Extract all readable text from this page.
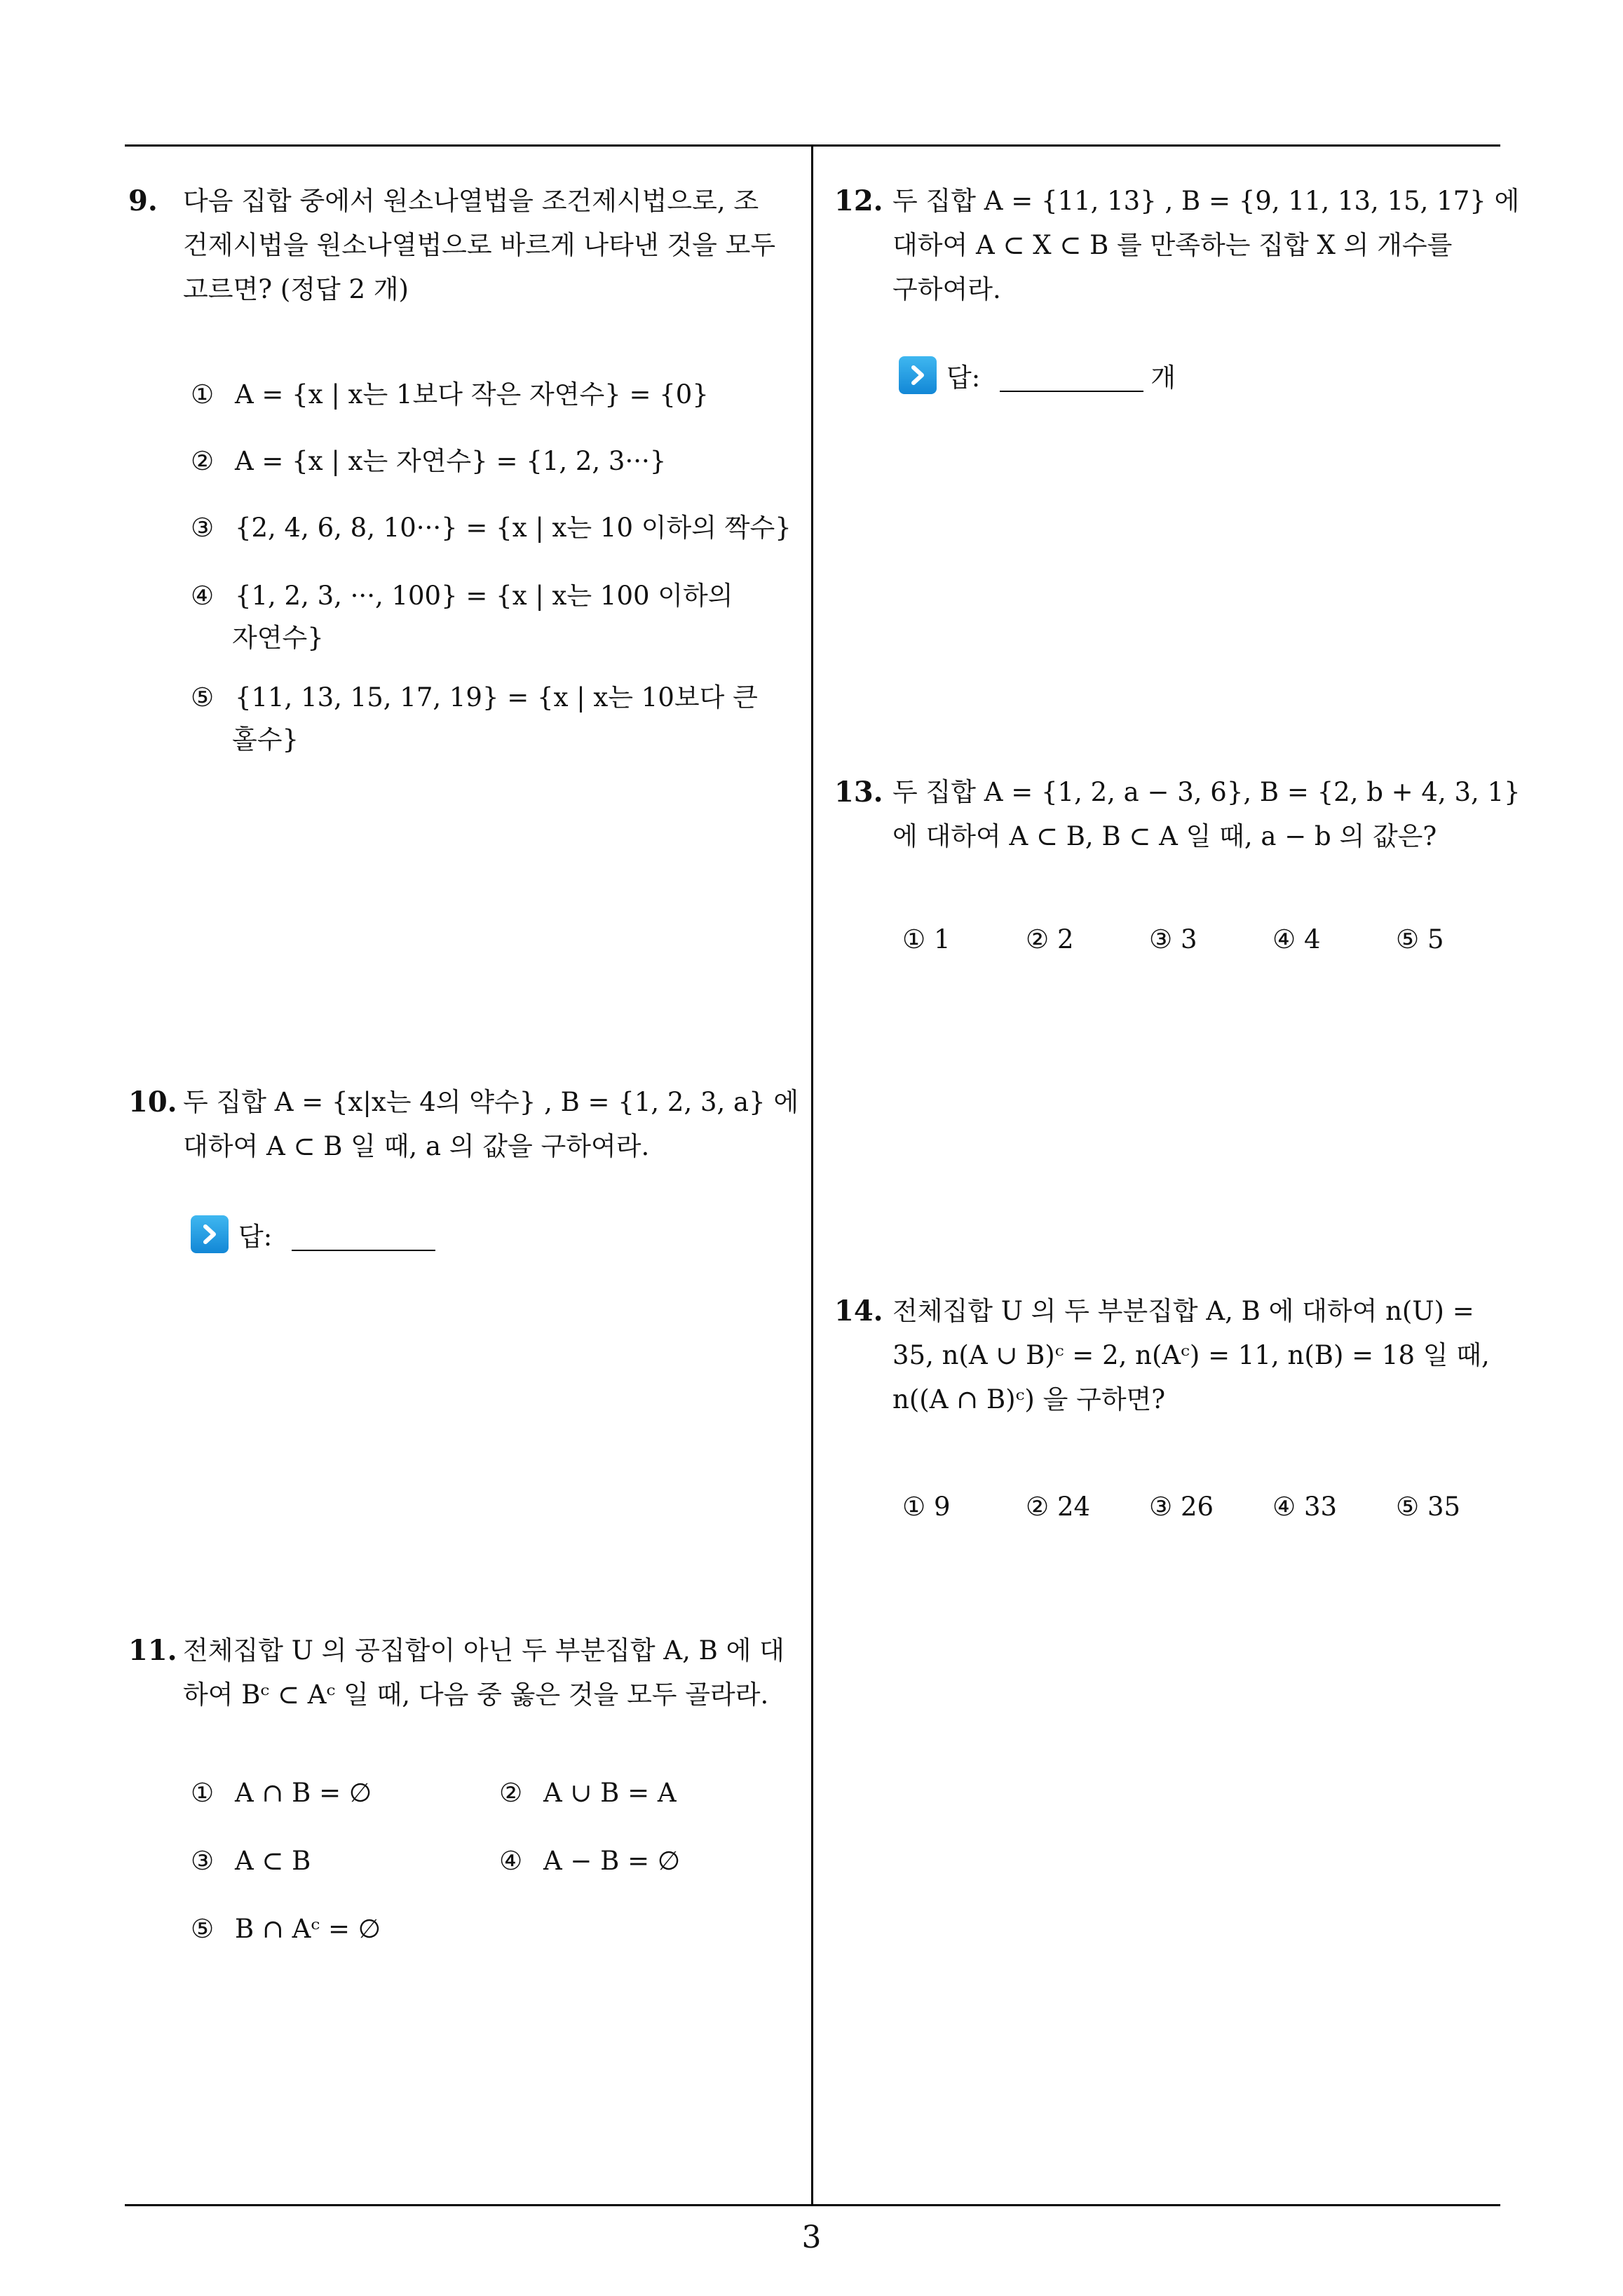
9. 다음 집합 중에서 원소나열법을 조건제시법으로, 조
건제시법을 원소나열법으로 바르게 나타낸 것을 모두
고르면? (정답 2 개)
① A = {x | x는 1보다 작은 자연수} = {0}
② A = {x | x는 자연수} = {1, 2, 3···}
③ {2, 4, 6, 8, 10···} = {x | x는 10 이하의 짝수}
④ {1, 2, 3, ···, 100} = {x | x는 100 이하의
자연수}
⑤ {11, 13, 15, 17, 19} = {x | x는 10보다 큰
홀수}
10. 두 집합 A = {x|x는 4의 약수} , B = {1, 2, 3, a} 에
대하여 A ⊂ B 일 때, a 의 값을 구하여라.
답:
11. 전체집합 U 의 공집합이 아닌 두 부분집합 A, B 에 대
하여 Bᶜ ⊂ Aᶜ 일 때, 다음 중 옳은 것을 모두 골라라.
① A ∩ B = ∅	② A ∪ B = A
③ A ⊂ B	④ A − B = ∅
⑤ B ∩ Aᶜ = ∅
12. 두 집합 A = {11, 13} , B = {9, 11, 13, 15, 17} 에
대하여 A ⊂ X ⊂ B 를 만족하는 집합 X 의 개수를
구하여라.
답:	개
13. 두 집합 A = {1, 2, a − 3, 6}, B = {2, b + 4, 3, 1}
에 대하여 A ⊂ B, B ⊂ A 일 때, a − b 의 값은?
① 1	② 2	③ 3	④ 4	⑤ 5
14. 전체집합 U 의 두 부분집합 A, B 에 대하여 n(U) =
35, n(A ∪ B)ᶜ = 2, n(Aᶜ) = 11, n(B) = 18 일 때,
n((A ∩ B)ᶜ) 을 구하면?
① 9	② 24 ③ 26 ④ 33 ⑤ 35
3
